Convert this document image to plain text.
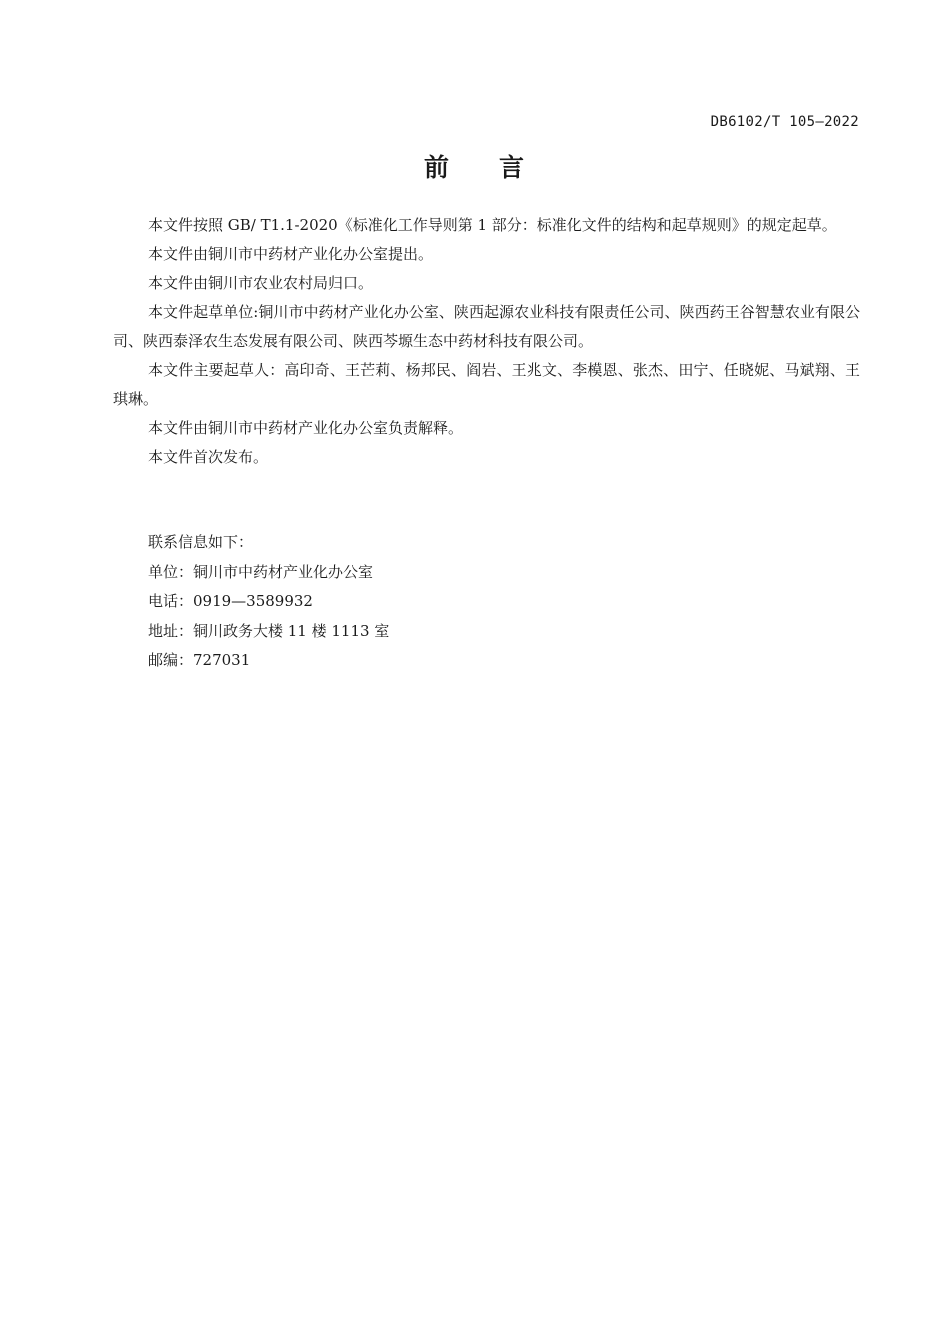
DB6102/T 105—2022
前 言

本文件按照 GB/ T1.1-2020《标准化工作导则第 1 部分：标准化文件的结构和起草规则》的规定起草。

本文件由铜川市中药材产业化办公室提出。

本文件由铜川市农业农村局归口。

本文件起草单位:铜川市中药材产业化办公室、陕西起源农业科技有限责任公司、陕西药王谷智慧农业有限公司、陕西泰泽农生态发展有限公司、陕西芩塬生态中药材科技有限公司。

本文件主要起草人：高印奇、王芒莉、杨邦民、阎岩、王兆文、李模恩、张杰、田宁、任晓妮、马斌翔、王琪琳。

本文件由铜川市中药材产业化办公室负责解释。

本文件首次发布。

联系信息如下：
单位：铜川市中药材产业化办公室
电话：0919—3589932
地址：铜川政务大楼 11 楼 1113 室
邮编：727031
